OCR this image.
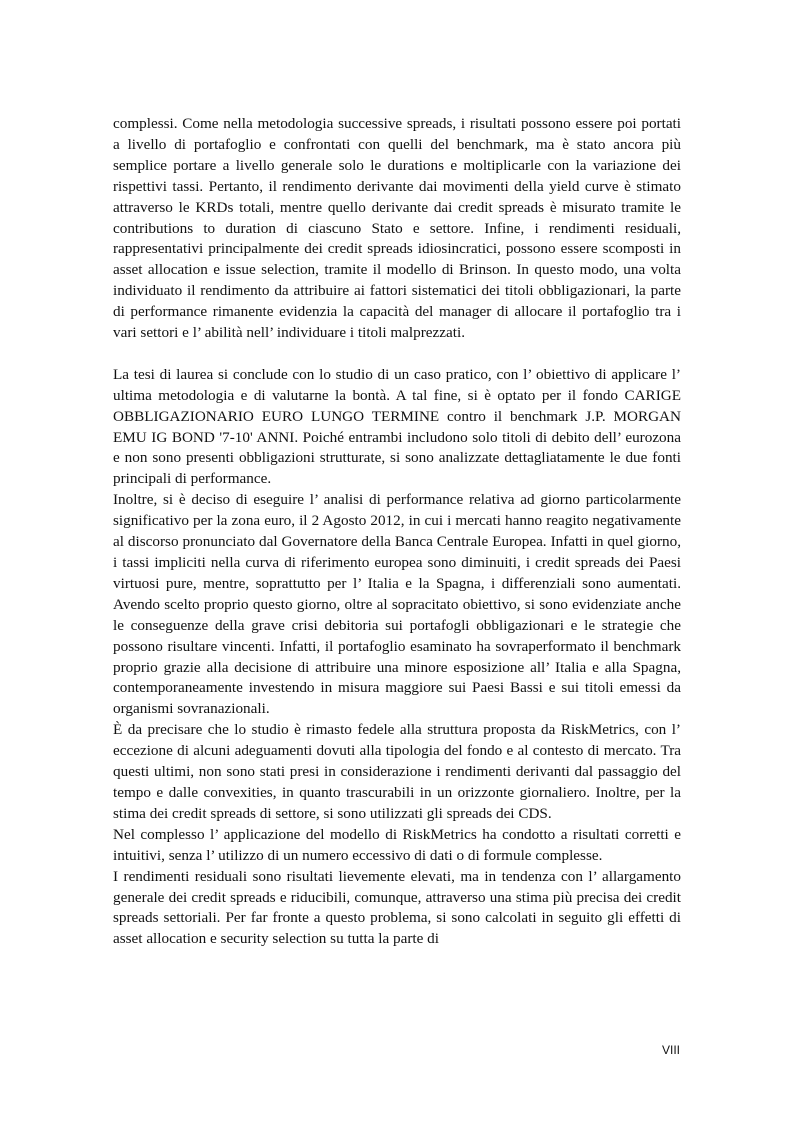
complessi. Come nella metodologia successive spreads, i risultati possono essere poi portati a livello di portafoglio e confrontati con quelli del benchmark, ma è stato ancora più semplice portare a livello generale solo le durations e moltiplicarle con la variazione dei rispettivi tassi. Pertanto, il rendimento derivante dai movimenti della yield curve è stimato attraverso le KRDs totali, mentre quello derivante dai credit spreads è misurato tramite le contributions to duration di ciascuno Stato e settore. Infine, i rendimenti residuali, rappresentativi principalmente dei credit spreads idiosincratici, possono essere scomposti in asset allocation e issue selection, tramite il modello di Brinson. In questo modo, una volta individuato il rendimento da attribuire ai fattori sistematici dei titoli obbligazionari, la parte di performance rimanente evidenzia la capacità del manager di allocare il portafoglio tra i vari settori e l’ abilità nell’ individuare i titoli malprezzati.

La tesi di laurea si conclude con lo studio di un caso pratico, con l’ obiettivo di applicare l’ ultima metodologia e di valutarne la bontà. A tal fine, si è optato per il fondo CARIGE OBBLIGAZIONARIO EURO LUNGO TERMINE contro il benchmark J.P. MORGAN EMU IG BOND '7-10' ANNI. Poiché entrambi includono solo titoli di debito dell’ eurozona e non sono presenti obbligazioni strutturate, si sono analizzate dettagliatamente le due fonti principali di performance.

Inoltre, si è deciso di eseguire l’ analisi di performance relativa ad giorno particolarmente significativo per la zona euro, il 2 Agosto 2012, in cui i mercati hanno reagito negativamente al discorso pronunciato dal Governatore della Banca Centrale Europea. Infatti in quel giorno, i tassi impliciti nella curva di riferimento europea sono diminuiti, i credit spreads dei Paesi virtuosi pure, mentre, soprattutto per l’ Italia e la Spagna, i differenziali sono aumentati. Avendo scelto proprio questo giorno, oltre al sopracitato obiettivo, si sono evidenziate anche le conseguenze della grave crisi debitoria sui portafogli obbligazionari e le strategie che possono risultare vincenti. Infatti, il portafoglio esaminato ha sovraperformato il benchmark proprio grazie alla decisione di attribuire una minore esposizione all’ Italia e alla Spagna, contemporaneamente investendo in misura maggiore sui Paesi Bassi e sui titoli emessi da organismi sovranazionali.

È da precisare che lo studio è rimasto fedele alla struttura proposta da RiskMetrics, con l’ eccezione di alcuni adeguamenti dovuti alla tipologia del fondo e al contesto di mercato. Tra questi ultimi, non sono stati presi in considerazione i rendimenti derivanti dal passaggio del tempo e dalle convexities, in quanto trascurabili in un orizzonte giornaliero. Inoltre, per la stima dei credit spreads di settore, si sono utilizzati gli spreads dei CDS.

Nel complesso l’ applicazione del modello di RiskMetrics ha condotto a risultati corretti e intuitivi, senza l’ utilizzo di un numero eccessivo di dati o di formule complesse.

I rendimenti residuali sono risultati lievemente elevati, ma in tendenza con l’ allargamento generale dei credit spreads e riducibili, comunque, attraverso una stima più precisa dei credit spreads settoriali. Per far fronte a questo problema, si sono calcolati in seguito gli effetti di asset allocation e security selection su tutta la parte di

VIII
